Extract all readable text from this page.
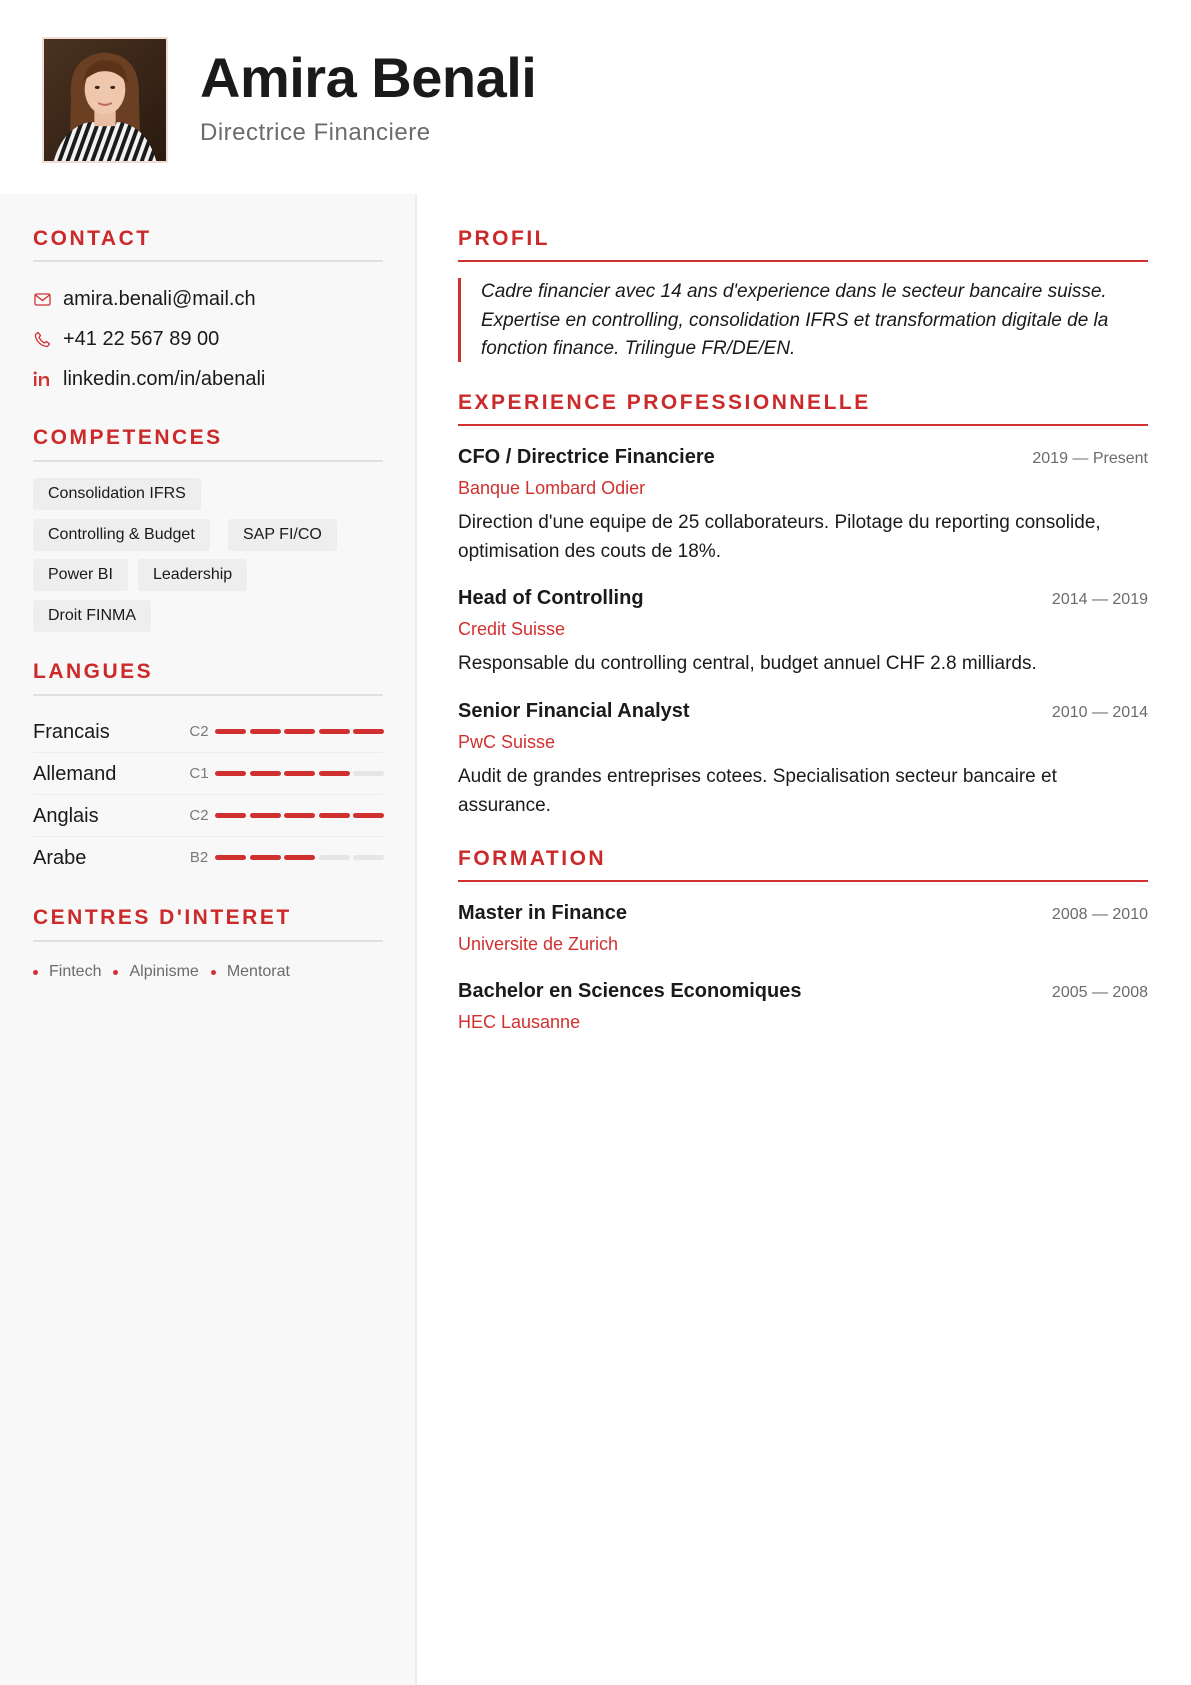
Amira Benali
Directrice Financiere
CONTACT
amira.benali@mail.ch
+41 22 567 89 00
linkedin.com/in/abenali
COMPETENCES
Consolidation IFRS
Controlling & Budget	SAP FI/CO
Power BI	Leadership
Droit FINMA
LANGUES
Francais	C2
Allemand	C1
Anglais	C2
Arabe	B2
CENTRES D'INTERET
Fintech Alpinisme Mentorat
PROFIL
Cadre financier avec 14 ans d'experience dans le secteur bancaire suisse. Expertise en controlling, consolidation IFRS et transformation digitale de la fonction finance. Trilingue FR/DE/EN.
EXPERIENCE PROFESSIONNELLE
CFO / Directrice Financiere	2019 — Present
Banque Lombard Odier
Direction d'une equipe de 25 collaborateurs. Pilotage du reporting consolide, optimisation des couts de 18%.
Head of Controlling	2014 — 2019
Credit Suisse
Responsable du controlling central, budget annuel CHF 2.8 milliards.
Senior Financial Analyst	2010 — 2014
PwC Suisse
Audit de grandes entreprises cotees. Specialisation secteur bancaire et assurance.
FORMATION
Master in Finance	2008 — 2010
Universite de Zurich
Bachelor en Sciences Economiques	2005 — 2008
HEC Lausanne
